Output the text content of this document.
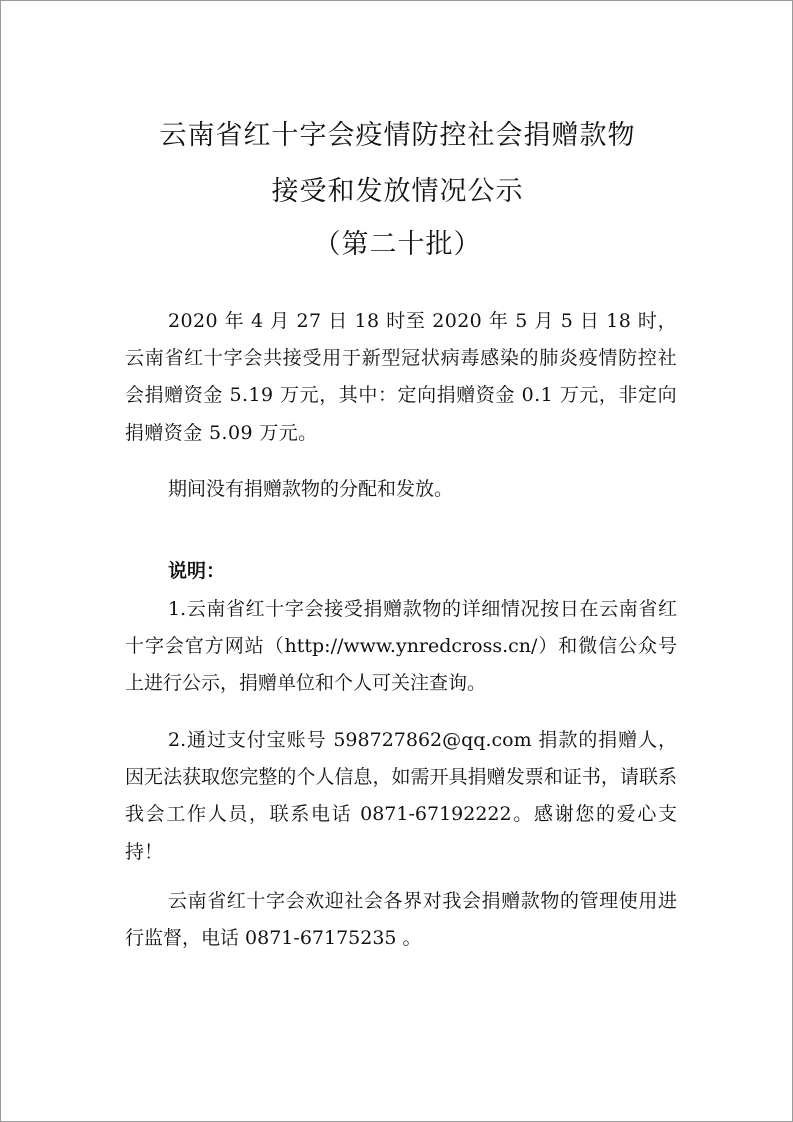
云南省红十字会疫情防控社会捐赠款物
接受和发放情况公示
（第二十批）
2020 年 4 月 27 日 18 时至 2020 年 5 月 5 日 18 时，云南省红十字会共接受用于新型冠状病毒感染的肺炎疫情防控社会捐赠资金 5.19 万元，其中：定向捐赠资金 0.1 万元，非定向捐赠资金 5.09 万元。
期间没有捐赠款物的分配和发放。
说明：
1.云南省红十字会接受捐赠款物的详细情况按日在云南省红十字会官方网站（http://www.ynredcross.cn/）和微信公众号上进行公示，捐赠单位和个人可关注查询。
2.通过支付宝账号 598727862@qq.com 捐款的捐赠人，因无法获取您完整的个人信息，如需开具捐赠发票和证书，请联系我会工作人员，联系电话 0871-67192222。感谢您的爱心支持！
云南省红十字会欢迎社会各界对我会捐赠款物的管理使用进行监督，电话 0871-67175235 。
